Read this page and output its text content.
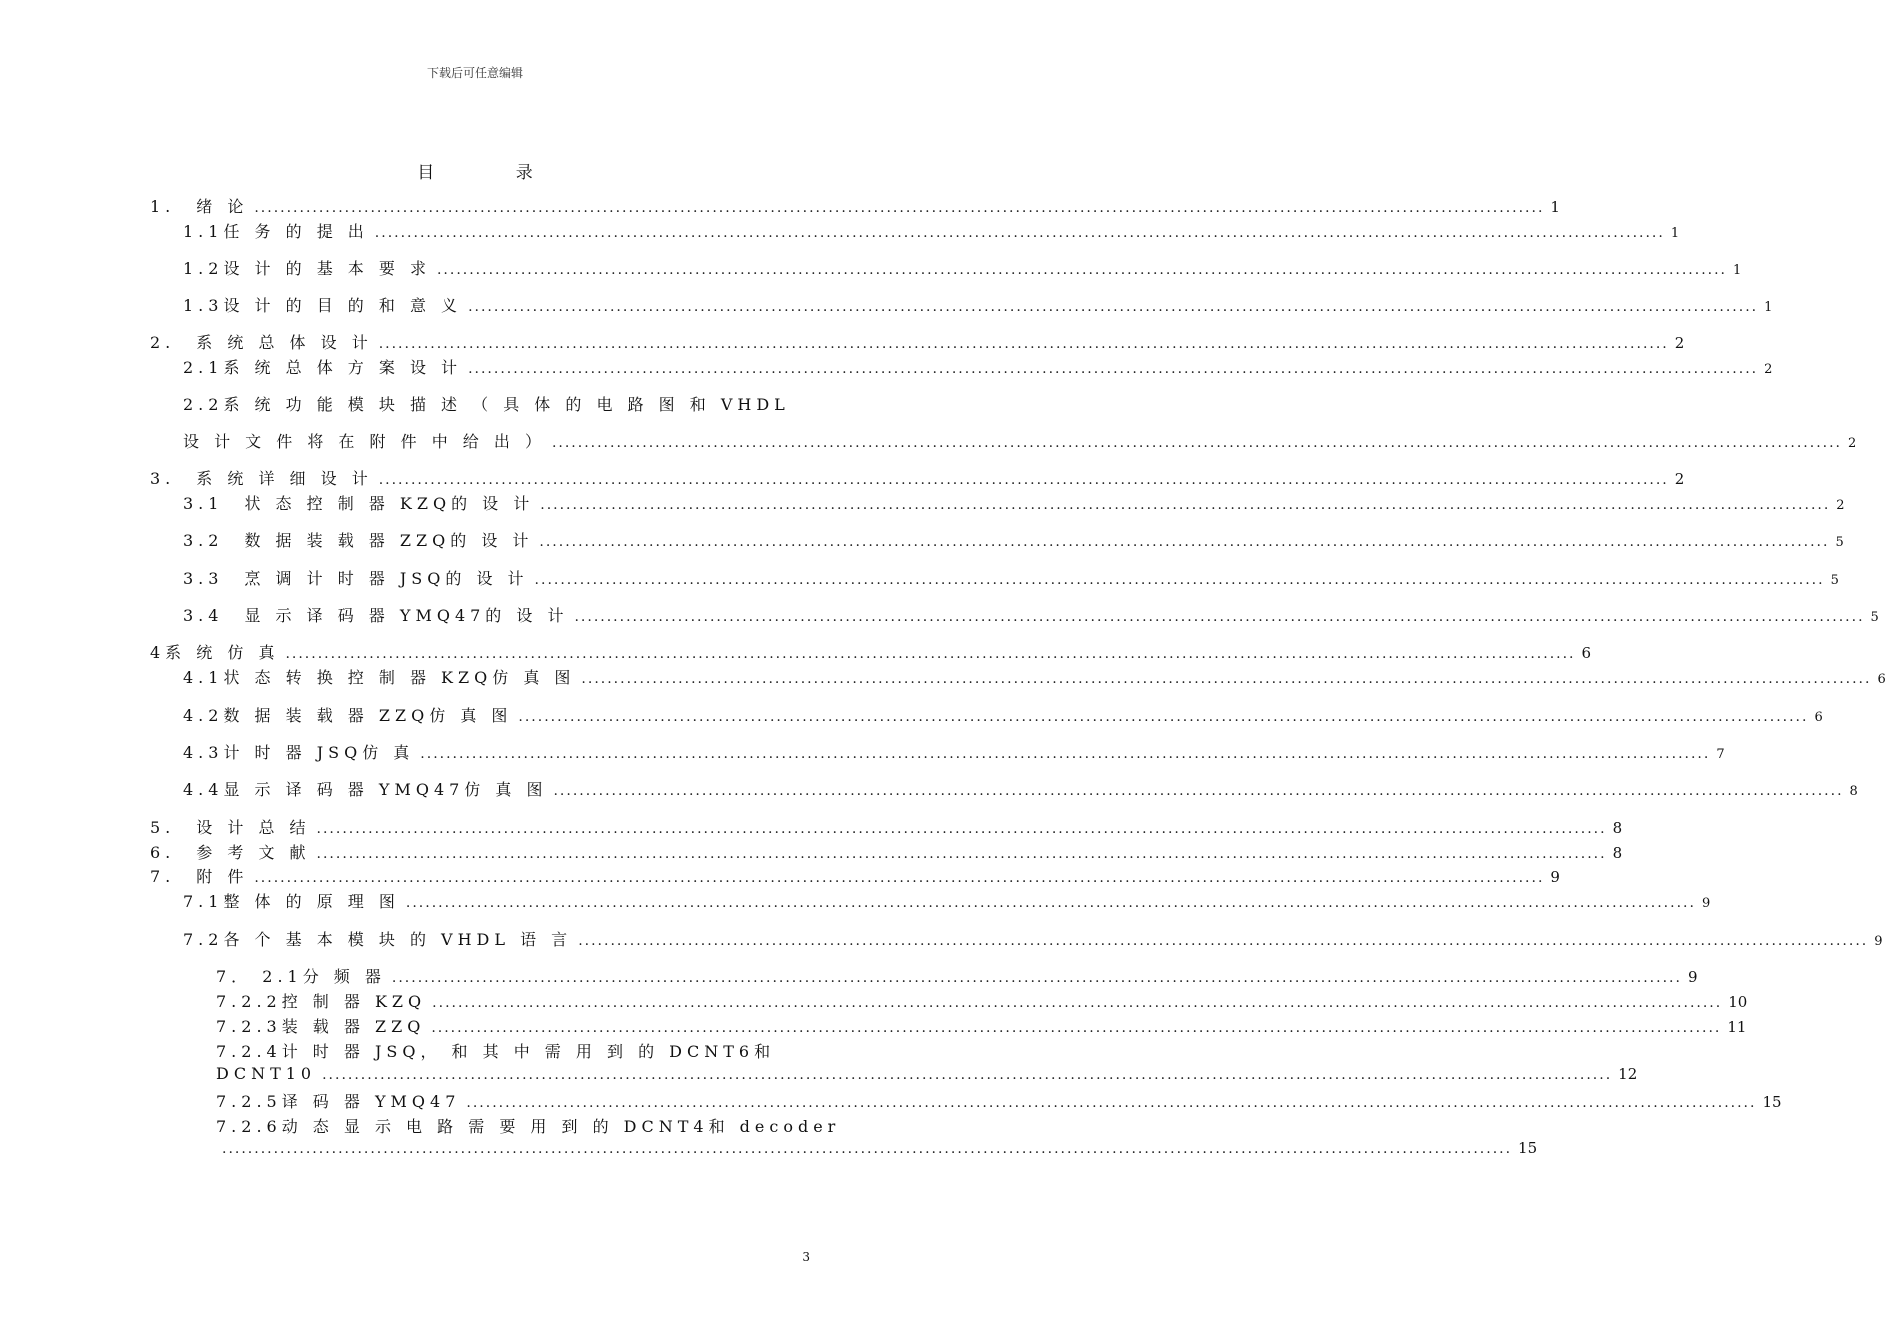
下载后可任意编辑
目 录
1.　绪 论 ........................................................................................................................................................................................................ 1
1.1任 务 的 提 出 ........................................................................................................................................................................................................ 1
1.2设 计 的 基 本 要 求 ........................................................................................................................................................................................................ 1
1.3设 计 的 目 的 和 意 义 ........................................................................................................................................................................................................ 1
2.　系 统 总 体 设 计 ........................................................................................................................................................................................................ 2
2.1系 统 总 体 方 案 设 计 ........................................................................................................................................................................................................ 2
2.2系 统 功 能 模 块 描 述 （ 具 体 的 电 路 图 和 VHDL
设 计 文 件 将 在 附 件 中 给 出 ） ........................................................................................................................................................................................................ 2
3.　系 统 详 细 设 计 ........................................................................................................................................................................................................ 2
3.1　状 态 控 制 器 KZQ的 设 计 ........................................................................................................................................................................................................ 2
3.2　数 据 装 载 器 ZZQ的 设 计 ........................................................................................................................................................................................................ 5
3.3　烹 调 计 时 器 JSQ的 设 计 ........................................................................................................................................................................................................ 5
3.4　显 示 译 码 器 YMQ47的 设 计 ........................................................................................................................................................................................................ 5
4系 统 仿 真 ........................................................................................................................................................................................................ 6
4.1状 态 转 换 控 制 器 KZQ仿 真 图 ........................................................................................................................................................................................................ 6
4.2数 据 装 载 器 ZZQ仿 真 图 ........................................................................................................................................................................................................ 6
4.3计 时 器 JSQ仿 真 ........................................................................................................................................................................................................ 7
4.4显 示 译 码 器 YMQ47仿 真 图 ........................................................................................................................................................................................................ 8
5.　设 计 总 结 ........................................................................................................................................................................................................ 8
6.　参 考 文 献 ........................................................................................................................................................................................................ 8
7.　附 件 ........................................................................................................................................................................................................ 9
7.1整 体 的 原 理 图 ........................................................................................................................................................................................................ 9
7.2各 个 基 本 模 块 的 VHDL 语 言 ........................................................................................................................................................................................................ 9
7． 2.1分 频 器 ........................................................................................................................................................................................................ 9
7.2.2控 制 器 KZQ ........................................................................................................................................................................................................ 10
7.2.3装 载 器 ZZQ ........................................................................................................................................................................................................ 11
7.2.4计 时 器 JSQ， 和 其 中 需 用 到 的 DCNT6和
DCNT10 ........................................................................................................................................................................................................ 12
7.2.5译 码 器 YMQ47 ........................................................................................................................................................................................................ 15
7.2.6动 态 显 示 电 路 需 要 用 到 的 DCNT4和 decoder
........................................................................................................................................................................................................ 15
3
